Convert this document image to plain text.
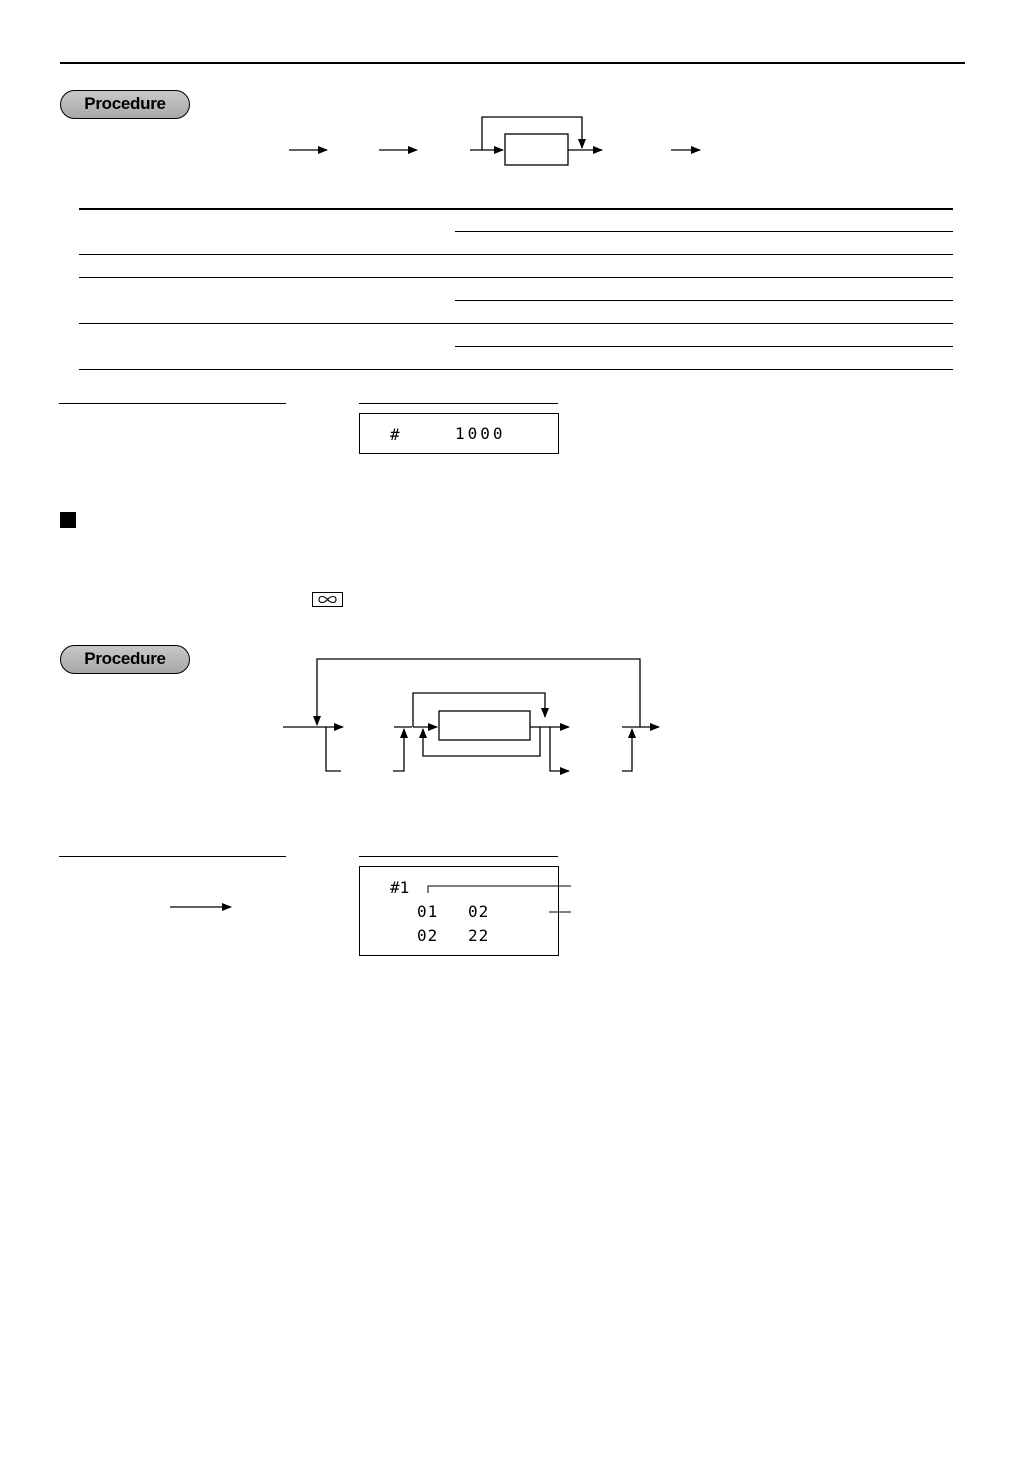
Procedure
#	1000
Procedure
#1
01 02
02 22
